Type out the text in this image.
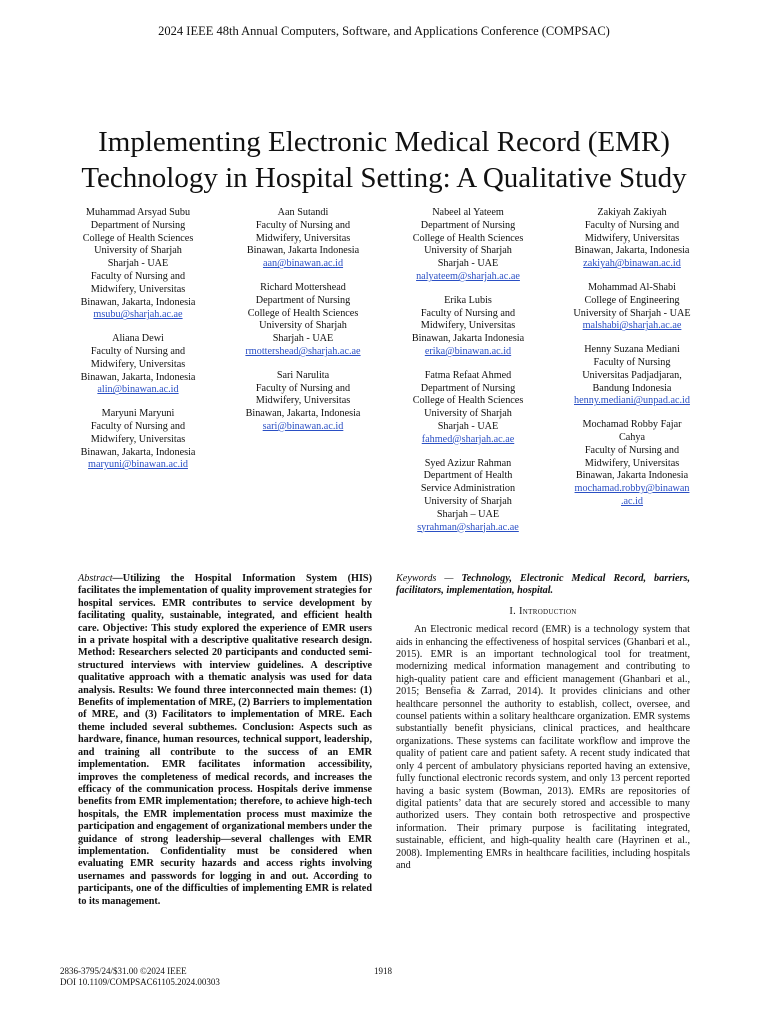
2024 IEEE 48th Annual Computers, Software, and Applications Conference (COMPSAC)
Implementing Electronic Medical Record (EMR)
Technology in Hospital Setting: A Qualitative Study
Muhammad Arsyad Subu
Department of Nursing
College of Health Sciences
University of Sharjah
Sharjah - UAE
Faculty of Nursing and
Midwifery, Universitas
Binawan, Jakarta, Indonesia
msubu@sharjah.ac.ae
Aliana Dewi
Faculty of Nursing and
Midwifery, Universitas
Binawan, Jakarta, Indonesia
alin@binawan.ac.id
Maryuni Maryuni
Faculty of Nursing and
Midwifery, Universitas
Binawan, Jakarta, Indonesia
maryuni@binawan.ac.id
Aan Sutandi
Faculty of Nursing and
Midwifery, Universitas
Binawan, Jakarta Indonesia
aan@binawan.ac.id
Richard Mottershead
Department of Nursing
College of Health Sciences
University of Sharjah
Sharjah - UAE
rmottershead@sharjah.ac.ae
Sari Narulita
Faculty of Nursing and
Midwifery, Universitas
Binawan, Jakarta, Indonesia
sari@binawan.ac.id
Nabeel al Yateem
Department of Nursing
College of Health Sciences
University of Sharjah
Sharjah - UAE
nalyateem@sharjah.ac.ae
Erika Lubis
Faculty of Nursing and
Midwifery, Universitas
Binawan, Jakarta Indonesia
erika@binawan.ac.id
Fatma Refaat Ahmed
Department of Nursing
College of Health Sciences
University of Sharjah
Sharjah - UAE
fahmed@sharjah.ac.ae
Syed Azizur Rahman
Department of Health
Service Administration
University of Sharjah
Sharjah – UAE
syrahman@sharjah.ac.ae
Zakiyah Zakiyah
Faculty of Nursing and
Midwifery, Universitas
Binawan, Jakarta, Indonesia
zakiyah@binawan.ac.id
Mohammad Al-Shabi
College of Engineering
University of Sharjah - UAE
malshabi@sharjah.ac.ae
Henny Suzana Mediani
Faculty of Nursing
Universitas Padjadjaran,
Bandung Indonesia
henny.mediani@unpad.ac.id
Mochamad Robby Fajar
Cahya
Faculty of Nursing and
Midwifery, Universitas
Binawan, Jakarta Indonesia
mochamad.robby@binawan
.ac.id
Abstract—Utilizing the Hospital Information System (HIS) facilitates the implementation of quality improvement strategies for hospital services. EMR contributes to service development by facilitating quality, sustainable, integrated, and efficient health care. Objective: This study explored the experience of EMR users in a private hospital with a descriptive qualitative research design. Method: Researchers selected 20 participants and conducted semi-structured interviews with interview guidelines. A descriptive qualitative approach with a thematic analysis was used for data analysis. Results: We found three interconnected main themes: (1) Benefits of implementation of MRE, (2) Barriers to implementation of MRE, and (3) Facilitators to implementation of MRE. Each theme included several subthemes. Conclusion: Aspects such as hardware, finance, human resources, technical support, leadership, and training all contribute to the success of an EMR implementation. EMR facilitates information accessibility, improves the completeness of medical records, and increases the efficacy of the communication process. Hospitals derive immense benefits from EMR implementation; therefore, to achieve high-tech hospitals, the EMR implementation process must maximize the participation and engagement of organizational members under the guidance of strong leadership—several challenges with EMR implementation. Confidentiality must be considered when evaluating EMR security hazards and access rights involving usernames and passwords for logging in and out. According to participants, one of the difficulties of implementing EMR is related to its management.
Keywords — Technology, Electronic Medical Record, barriers, facilitators, implementation, hospital.
I. Introduction
An Electronic medical record (EMR) is a technology system that aids in enhancing the effectiveness of hospital services (Ghanbari et al., 2015). EMR is an important technological tool for treatment, modernizing medical information management and contributing to high-quality patient care and efficient management (Ghanbari et al., 2015; Bensefia & Zarrad, 2014). It provides clinicians and other healthcare personnel the authority to establish, collect, oversee, and counsel patients within a solitary healthcare organization. EMR systems substantially benefit physicians, clinical practices, and healthcare organizations. These systems can facilitate workflow and improve the quality of patient care and patient safety. A recent study indicated that only 4 percent of ambulatory physicians reported having an extensive, fully functional electronic records system, and only 13 percent reported having a basic system (Bowman, 2013). EMRs are repositories of digital patients’ data that are securely stored and accessible to many authorized users. They contain both retrospective and prospective information. Their primary purpose is facilitating integrated, sustainable, efficient, and high-quality health care (Hayrinen et al., 2008). Implementing EMRs in healthcare facilities, including hospitals and
2836-3795/24/$31.00 ©2024 IEEE
DOI 10.1109/COMPSAC61105.2024.00303
1918
